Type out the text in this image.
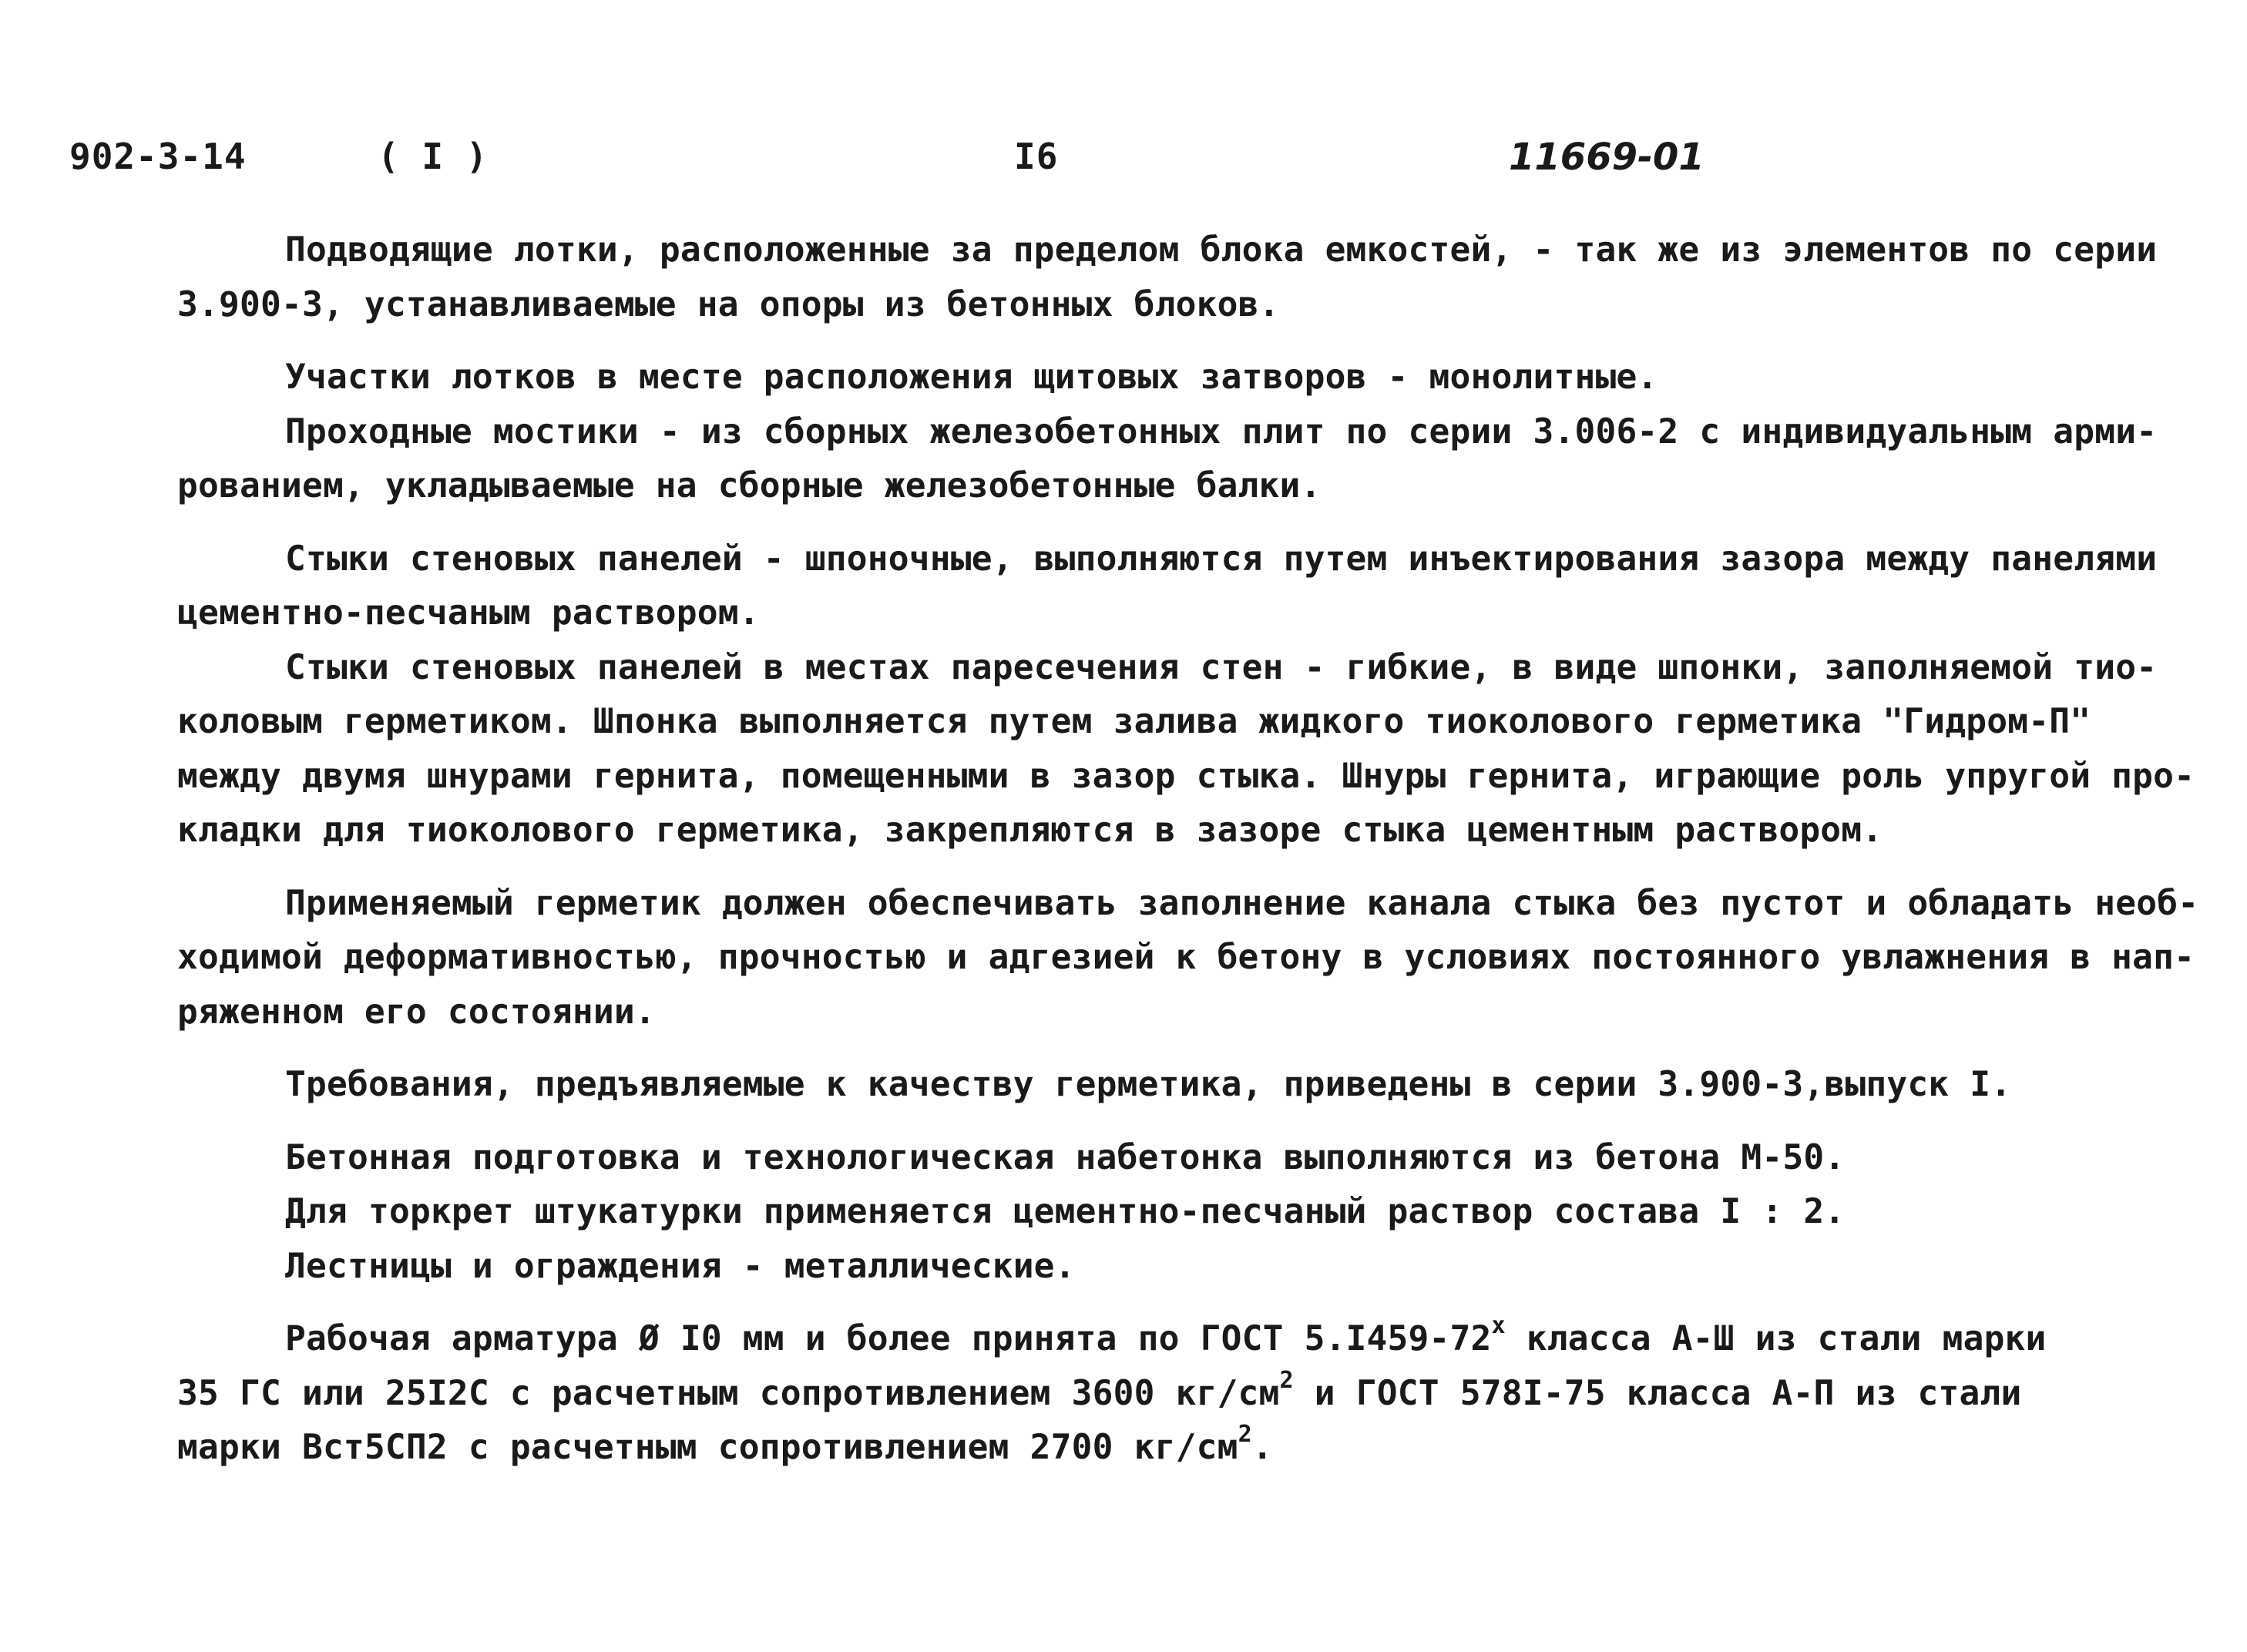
902-3-14	( I )	I6	11669-01

Подводящие лотки, расположенные за пределом блока емкостей, - так же из элементов по серии
3.900-3, устанавливаемые на опоры из бетонных блоков.

Участки лотков в месте расположения щитовых затворов - монолитные.

Проходные мостики - из сборных железобетонных плит по серии 3.006-2 с индивидуальным арми-
рованием, укладываемые на сборные железобетонные балки.

Стыки стеновых панелей - шпоночные, выполняются путем инъектирования зазора между панелями
цементно-песчаным раствором.

Стыки стеновых панелей в местах паресечения стен - гибкие, в виде шпонки, заполняемой тио-
коловым герметиком. Шпонка выполняется путем залива жидкого тиоколового герметика "Гидром-П"
между двумя шнурами гернита, помещенными в зазор стыка. Шнуры гернита, играющие роль упругой про-
кладки для тиоколового герметика, закрепляются в зазоре стыка цементным раствором.

Применяемый герметик должен обеспечивать заполнение канала стыка без пустот и обладать необ-
ходимой деформативностью, прочностью и адгезией к бетону в условиях постоянного увлажнения в нап-
ряженном его состоянии.

Требования, предъявляемые к качеству герметика, приведены в серии 3.900-3,выпуск I.

Бетонная подготовка и технологическая набетонка выполняются из бетона М-50.
Для торкрет штукатурки применяется цементно-песчаный раствор состава I : 2.
Лестницы и ограждения - металлические.

Рабочая арматура Ø I0 мм и более принята по ГОСТ 5.I459-72$^x$ класса А-Ш из стали марки
35 ГС или 25I2С с расчетным сопротивлением 3600 $кг/см^2$ и ГОСТ 578I-75 класса А-П из стали
марки Вст5СП2 с расчетным сопротивлением 2700 $кг/см^2$.
